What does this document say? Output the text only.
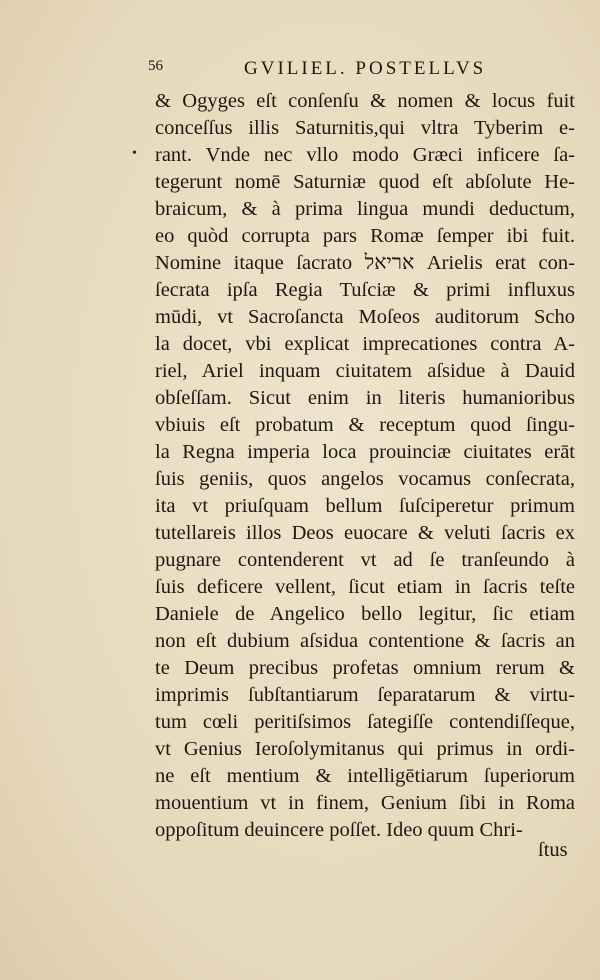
56	GVILIEL. POSTELLVS
•
& Ogyges eſt conſenſu & nomen & locus fuit
conceſſus illis Saturnitis,qui vltra Tyberim e-
rant. Vnde nec vllo modo Græci inficere ſa-
tegerunt nomē Saturniæ quod eſt abſolute He-
braicum, & à prima lingua mundi deductum,
eo quòd corrupta pars Romæ ſemper ibi fuit.
Nomine itaque ſacrato אריאל Arielis erat con-
ſecrata ipſa Regia Tuſciæ & primi influxus
mūdi, vt Sacroſancta Moſeos auditorum Scho
la docet, vbi explicat imprecationes contra A-
riel, Ariel inquam ciuitatem aſsidue à Dauid
obſeſſam. Sicut enim in literis humanioribus
vbiuis eſt probatum & receptum quod ſingu-
la Regna imperia loca prouinciæ ciuitates erāt
ſuis geniis, quos angelos vocamus conſecrata,
ita vt priuſquam bellum ſuſciperetur primum
tutellareis illos Deos euocare & veluti ſacris ex
pugnare contenderent vt ad ſe tranſeundo à
ſuis deficere vellent, ſicut etiam in ſacris teſte
Daniele de Angelico bello legitur, ſic etiam
non eſt dubium aſsidua contentione & ſacris an
te Deum precibus profetas omnium rerum &
imprimis ſubſtantiarum ſeparatarum & virtu-
tum cœli peritiſsimos ſategiſſe contendiſſeque,
vt Genius Ieroſolymitanus qui primus in ordi-
ne eſt mentium & intelligētiarum ſuperiorum
mouentium vt in finem, Genium ſibi in Roma
oppoſitum deuincere poſſet. Ideo quum Chri-
ſtus
